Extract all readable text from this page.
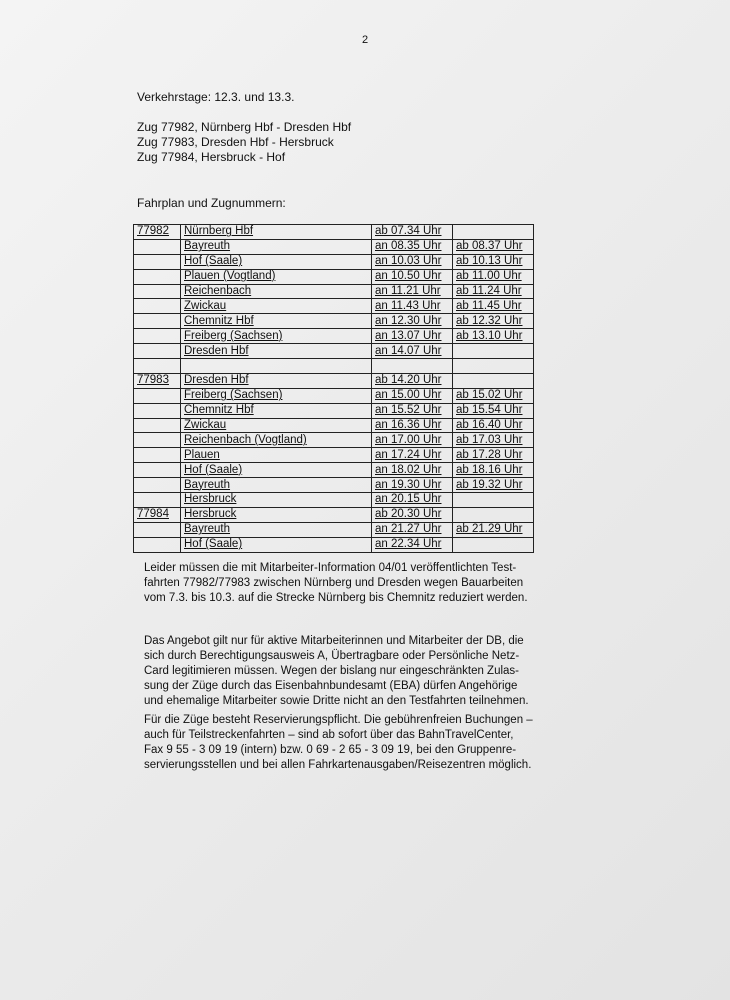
2
Verkehrstage: 12.3. und 13.3.
Zug 77982, Nürnberg Hbf - Dresden Hbf
Zug 77983, Dresden Hbf - Hersbruck
Zug 77984, Hersbruck - Hof
Fahrplan und Zugnummern:
77982	Nürnberg Hbf	ab 07.34 Uhr	
	Bayreuth	an 08.35 Uhr	ab 08.37 Uhr
	Hof (Saale)	an 10.03 Uhr	ab 10.13 Uhr
	Plauen (Vogtland)	an 10.50 Uhr	ab 11.00 Uhr
	Reichenbach	an 11.21 Uhr	ab 11.24 Uhr
	Zwickau	an 11.43 Uhr	ab 11.45 Uhr
	Chemnitz Hbf	an 12.30 Uhr	ab 12.32 Uhr
	Freiberg (Sachsen)	an 13.07 Uhr	ab 13.10 Uhr
	Dresden Hbf	an 14.07 Uhr	

77983	Dresden Hbf	ab 14.20 Uhr	
	Freiberg (Sachsen)	an 15.00 Uhr	ab 15.02 Uhr
	Chemnitz Hbf	an 15.52 Uhr	ab 15.54 Uhr
	Zwickau	an 16.36 Uhr	ab 16.40 Uhr
	Reichenbach (Vogtland)	an 17.00 Uhr	ab 17.03 Uhr
	Plauen	an 17.24 Uhr	ab 17.28 Uhr
	Hof (Saale)	an 18.02 Uhr	ab 18.16 Uhr
	Bayreuth	an 19.30 Uhr	ab 19.32 Uhr
	Hersbruck	an 20.15 Uhr	
77984	Hersbruck	ab 20.30 Uhr	
	Bayreuth	an 21.27 Uhr	ab 21.29 Uhr
	Hof (Saale)	an 22.34 Uhr	
Leider müssen die mit Mitarbeiter-Information 04/01 veröffentlichten Test-
fahrten 77982/77983 zwischen Nürnberg und Dresden wegen Bauarbeiten
vom 7.3. bis 10.3. auf die Strecke Nürnberg bis Chemnitz reduziert werden.
Das Angebot gilt nur für aktive Mitarbeiterinnen und Mitarbeiter der DB, die
sich durch Berechtigungsausweis A, Übertragbare oder Persönliche Netz-
Card legitimieren müssen. Wegen der bislang nur eingeschränkten Zulas-
sung der Züge durch das Eisenbahnbundesamt (EBA) dürfen Angehörige
und ehemalige Mitarbeiter sowie Dritte nicht an den Testfahrten teilnehmen.
Für die Züge besteht Reservierungspflicht. Die gebührenfreien Buchungen –
auch für Teilstreckenfahrten – sind ab sofort über das BahnTravelCenter,
Fax 9 55 - 3 09 19 (intern) bzw. 0 69 - 2 65 - 3 09 19, bei den Gruppenre-
servierungsstellen und bei allen Fahrkartenausgaben/Reisezentren möglich.
